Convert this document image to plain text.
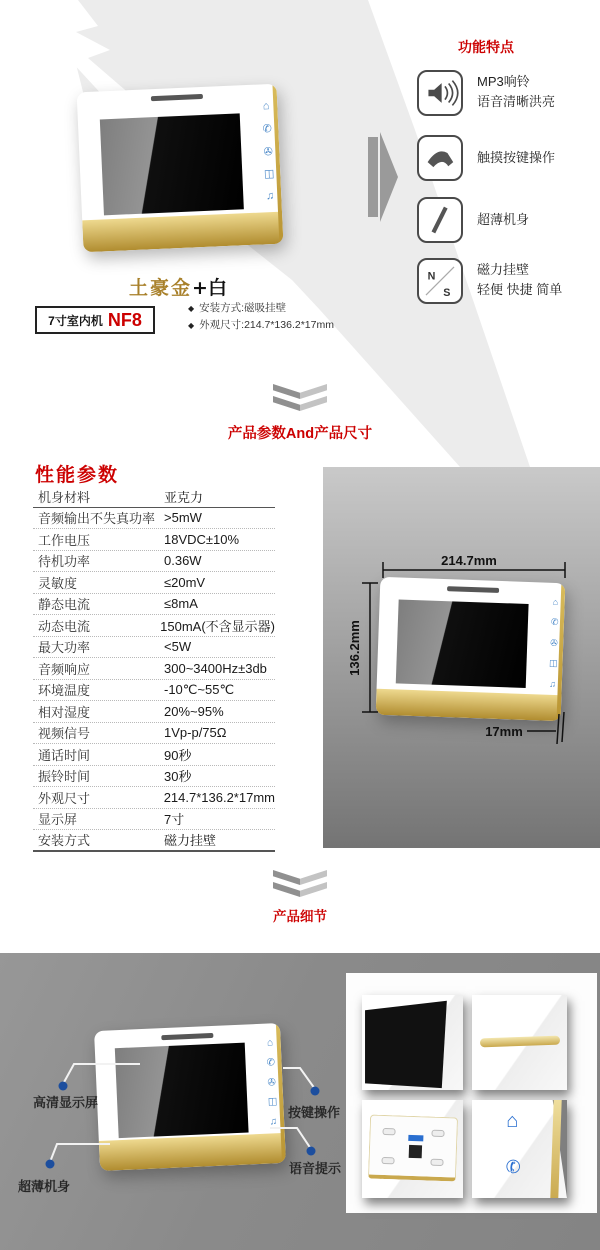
⌂
✆
✇
◫
♫
土豪金+白
7寸室内机 NF8
◆ 安装方式:磁吸挂壁
◆ 外观尺寸:214.7*136.2*17mm
功能特点
MP3响铃
语音清晰洪亮
触摸按键操作
超薄机身
N
S
磁力挂壁
轻便 快捷 简单
产品参数And产品尺寸
性能参数
机身材料	亚克力
音频输出不失真功率 >5mW
工作电压	18VDC±10%
待机功率	0.36W
灵敏度	≤20mV
静态电流	≤8mA
动态电流	150mA(不含显示器)
最大功率	<5W
音频响应	300~3400Hz±3db
环境温度	-10℃~55℃
相对湿度	20%~95%
视频信号	1Vp-p/75Ω
通话时间	90秒
振铃时间	30秒
外观尺寸	214.7*136.2*17mm
显示屏	7寸
安装方式	磁力挂壁
⌂
✆
✇
◫
♫
214.7mm
136.2mm
17mm
产品细节
⌂
✆
✇
◫
♫
高清显示屏
按键操作
语音提示
超薄机身
⌂
✆
